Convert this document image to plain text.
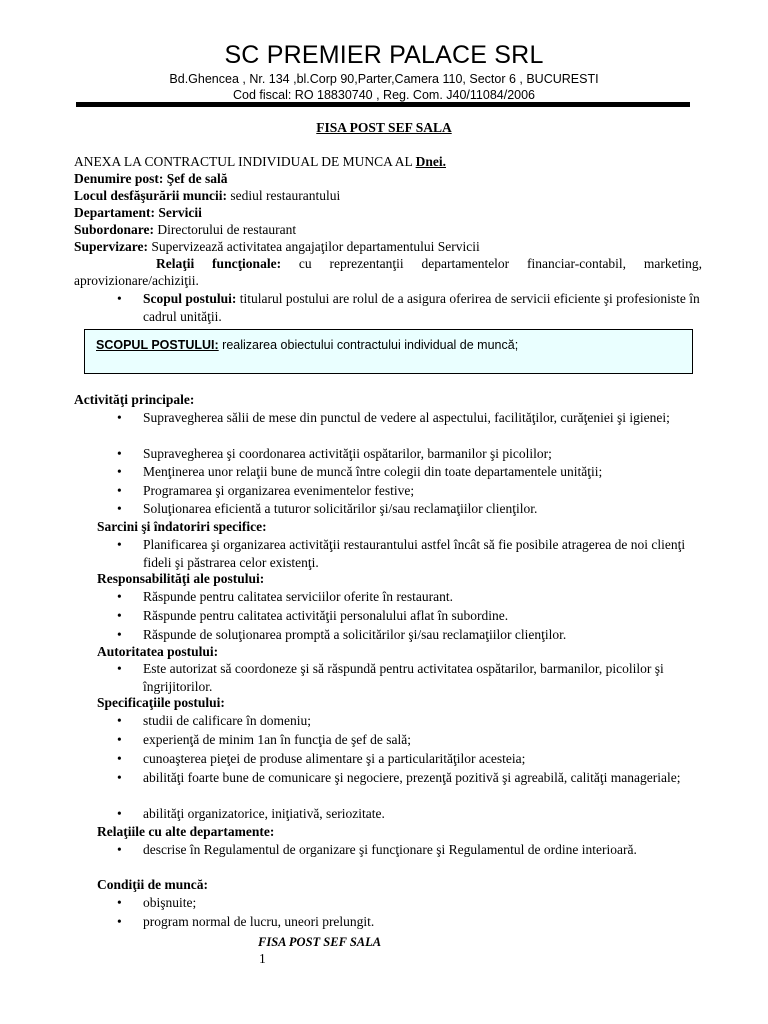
SC PREMIER PALACE SRL
Bd.Ghencea , Nr. 134 ,bl.Corp 90,Parter,Camera 110, Sector 6 , BUCURESTI
Cod fiscal: RO 18830740 , Reg. Com. J40/11084/2006
FISA POST SEF SALA
ANEXA LA CONTRACTUL INDIVIDUAL DE MUNCA AL Dnei.
Denumire post: Şef de sală
Locul desfăşurării muncii: sediul restaurantului
Departament: Servicii
Subordonare: Directorului de restaurant
Supervizare: Supervizează activitatea angajaţilor departamentului Servicii
Relaţii funcţionale: cu reprezentanţii departamentelor financiar-contabil, marketing, aprovizionare/achiziţii.
• Scopul postului: titularul postului are rolul de a asigura oferirea de servicii eficiente şi profesioniste în cadrul unităţii.
SCOPUL POSTULUI: realizarea obiectului contractului individual de muncă;
Activităţi principale:
• Supravegherea sălii de mese din punctul de vedere al aspectului, facilităţilor, curăţeniei şi igienei;
• Supravegherea şi coordonarea activităţii ospătarilor, barmanilor şi picolilor;
• Menţinerea unor relaţii bune de muncă între colegii din toate departamentele unităţii;
• Programarea şi organizarea evenimentelor festive;
• Soluţionarea eficientă a tuturor solicitărilor şi/sau reclamaţiilor clienţilor.
Sarcini şi îndatoriri specifice:
• Planificarea şi organizarea activităţii restaurantului astfel încât să fie posibile atragerea de noi clienţi fideli şi păstrarea celor existenţi.
Responsabilităţi ale postului:
• Răspunde pentru calitatea serviciilor oferite în restaurant.
• Răspunde pentru calitatea activităţii personalului aflat în subordine.
• Răspunde de soluţionarea promptă a solicitărilor şi/sau reclamaţiilor clienţilor.
Autoritatea postului:
• Este autorizat să coordoneze şi să răspundă pentru activitatea ospătarilor, barmanilor, picolilor şi îngrijitorilor.
Specificaţiile postului:
• studii de calificare în domeniu;
• experienţă de minim 1an în funcţia de şef de sală;
• cunoaşterea pieţei de produse alimentare şi a particularităţilor acesteia;
• abilităţi foarte bune de comunicare şi negociere, prezenţă pozitivă şi agreabilă, calităţi manageriale;
• abilităţi organizatorice, iniţiativă, seriozitate.
Relaţiile cu alte departamente:
• descrise în Regulamentul de organizare şi funcţionare şi Regulamentul de ordine interioară.
Condiţii de muncă:
• obişnuite;
• program normal de lucru, uneori prelungit.
FISA POST SEF SALA
1
